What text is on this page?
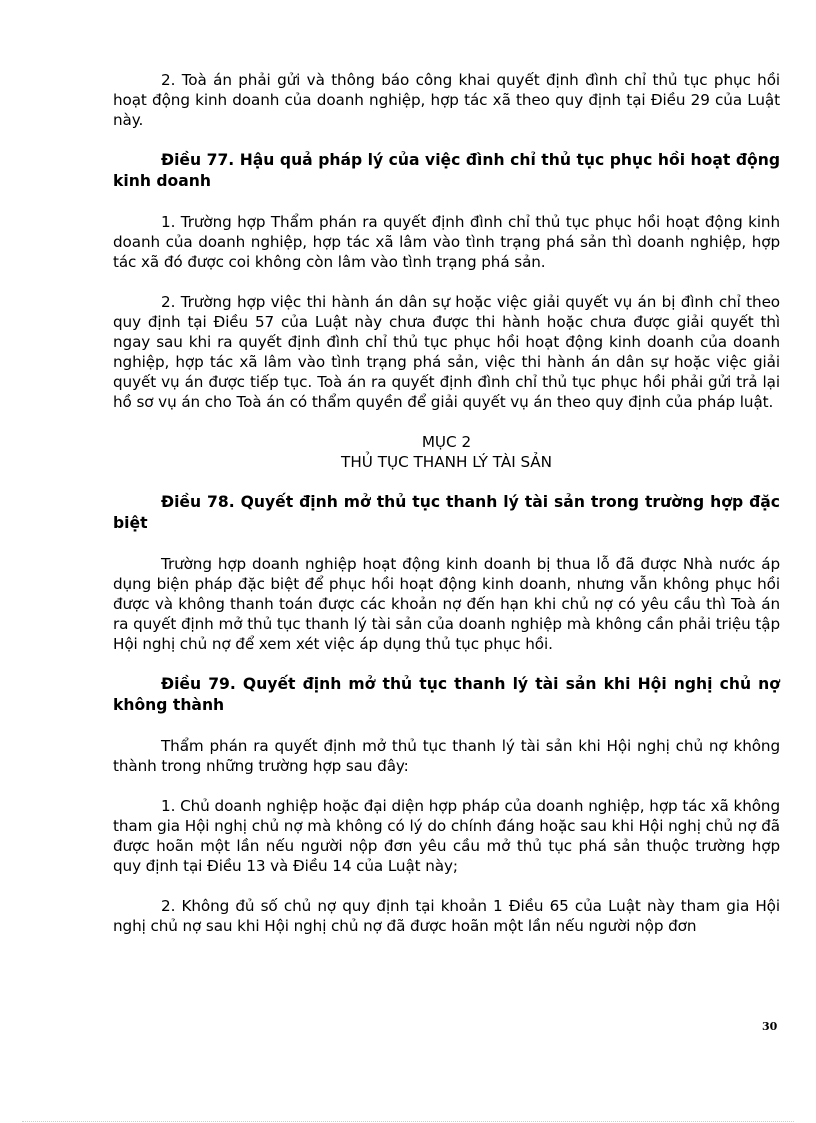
2. Toà án phải gửi và thông báo công khai quyết định đình chỉ thủ tục phục hồi hoạt động kinh doanh của doanh nghiệp, hợp tác xã theo quy định tại Điều 29 của Luật này.

Điều 77. Hậu quả pháp lý của việc đình chỉ thủ tục phục hồi hoạt động kinh doanh

1. Trường hợp Thẩm phán ra quyết định đình chỉ thủ tục phục hồi hoạt động kinh doanh của doanh nghiệp, hợp tác xã lâm vào tình trạng phá sản thì doanh nghiệp, hợp tác xã đó được coi không còn lâm vào tình trạng phá sản.

2. Trường hợp việc thi hành án dân sự hoặc việc giải quyết vụ án bị đình chỉ theo quy định tại Điều 57 của Luật này chưa được thi hành hoặc chưa được giải quyết thì ngay sau khi ra quyết định đình chỉ thủ tục phục hồi hoạt động kinh doanh của doanh nghiệp, hợp tác xã lâm vào tình trạng phá sản, việc thi hành án dân sự hoặc việc giải quyết vụ án được tiếp tục. Toà án ra quyết định đình chỉ thủ tục phục hồi phải gửi trả lại hồ sơ vụ án cho Toà án có thẩm quyền để giải quyết vụ án theo quy định của pháp luật.

MỤC 2
THỦ TỤC THANH LÝ TÀI SẢN

Điều 78. Quyết định mở thủ tục thanh lý tài sản trong trường hợp đặc biệt

Trường hợp doanh nghiệp hoạt động kinh doanh bị thua lỗ đã được Nhà nước áp dụng biện pháp đặc biệt để phục hồi hoạt động kinh doanh, nhưng vẫn không phục hồi được và không thanh toán được các khoản nợ đến hạn khi chủ nợ có yêu cầu thì Toà án ra quyết định mở thủ tục thanh lý tài sản của doanh nghiệp mà không cần phải triệu tập Hội nghị chủ nợ để xem xét việc áp dụng thủ tục phục hồi.

Điều 79. Quyết định mở thủ tục thanh lý tài sản khi Hội nghị chủ nợ không thành

Thẩm phán ra quyết định mở thủ tục thanh lý tài sản khi Hội nghị chủ nợ không thành trong những trường hợp sau đây:

1. Chủ doanh nghiệp hoặc đại diện hợp pháp của doanh nghiệp, hợp tác xã không tham gia Hội nghị chủ nợ mà không có lý do chính đáng hoặc sau khi Hội nghị chủ nợ đã được hoãn một lần nếu người nộp đơn yêu cầu mở thủ tục phá sản thuộc trường hợp quy định tại Điều 13 và Điều 14 của Luật này;

2. Không đủ số chủ nợ quy định tại khoản 1 Điều 65 của Luật này tham gia Hội nghị chủ nợ sau khi Hội nghị chủ nợ đã được hoãn một lần nếu người nộp đơn

30
